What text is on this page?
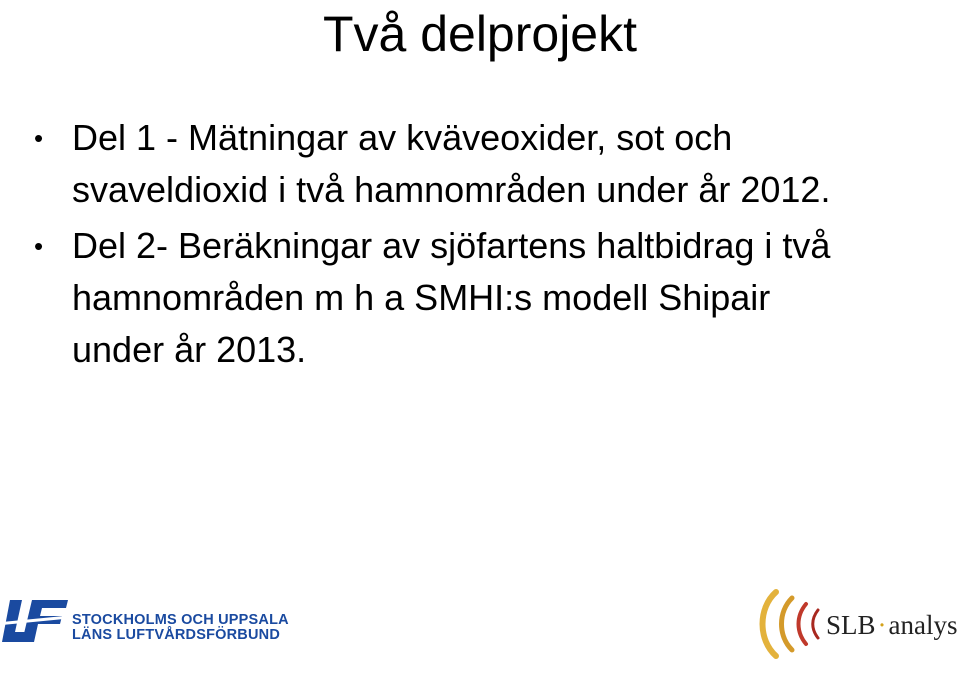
Två delprojekt
• Del 1 - Mätningar av kväveoxider, sot och svaveldioxid i två hamnområden under år 2012.
• Del 2- Beräkningar av sjöfartens haltbidrag i två hamnområden m h a SMHI:s modell Shipair under år 2013.
STOCKHOLMS OCH UPPSALA
LÄNS LUFTVÅRDSFÖRBUND	SLB·analys
